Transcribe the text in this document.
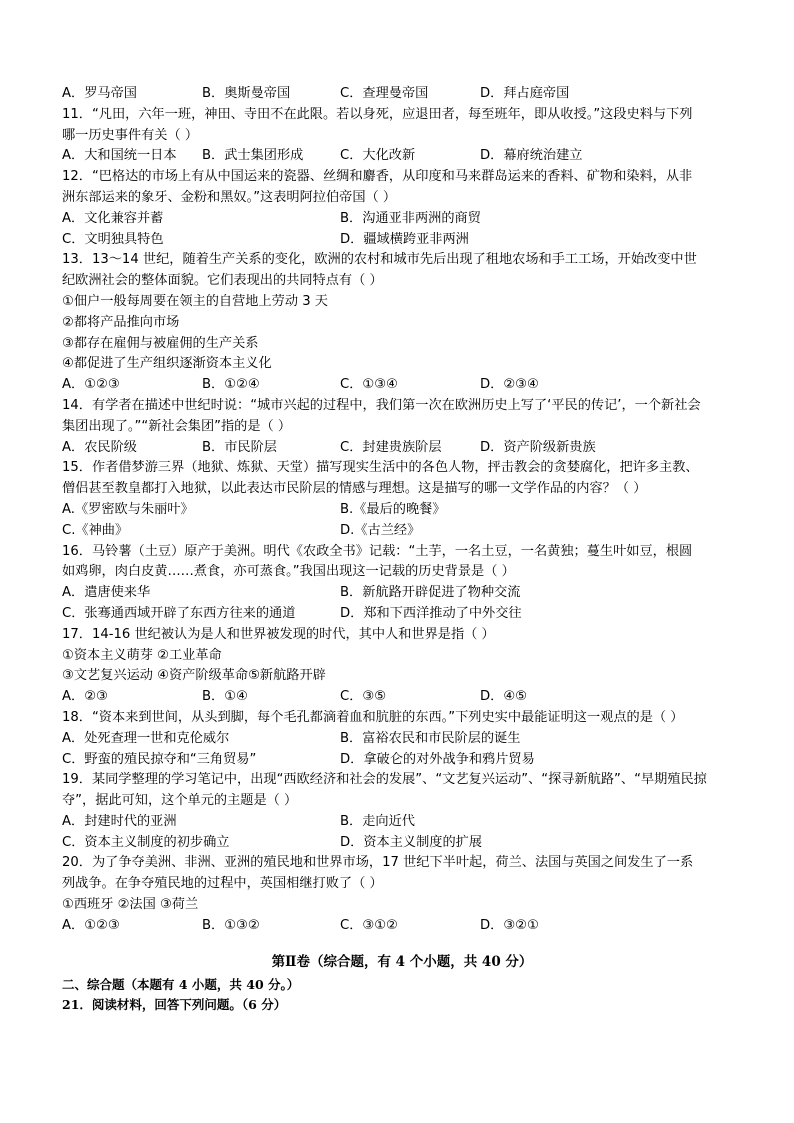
A．罗马帝国	B．奥斯曼帝国	C．查理曼帝国	D．拜占庭帝国
11．“凡田，六年一班，神田、寺田不在此限。若以身死，应退田者，每至班年，即从收授。”这段史料与下列
哪一历史事件有关（ ）
A．大和国统一日本	B．武士集团形成	C．大化改新	D．幕府统治建立
12．“巴格达的市场上有从中国运来的瓷器、丝绸和麝香，从印度和马来群岛运来的香料、矿物和染料，从非
洲东部运来的象牙、金粉和黑奴。”这表明阿拉伯帝国（ ）
A．文化兼容并蓄	B．沟通亚非两洲的商贸
C．文明独具特色	D．疆域横跨亚非两洲
13．13～14 世纪，随着生产关系的变化，欧洲的农村和城市先后出现了租地农场和手工工场，开始改变中世
纪欧洲社会的整体面貌。它们表现出的共同特点有（ ）
①佃户一般每周要在领主的自营地上劳动 3 天
②都将产品推向市场
③都存在雇佣与被雇佣的生产关系
④都促进了生产组织逐渐资本主义化
A．①②③	B．①②④	C．①③④	D．②③④
14．有学者在描述中世纪时说：“城市兴起的过程中，我们第一次在欧洲历史上写了‘平民的传记’，一个新社会
集团出现了。”“新社会集团”指的是（ ）
A．农民阶级	B．市民阶层	C．封建贵族阶层	D．资产阶级新贵族
15．作者借梦游三界（地狱、炼狱、天堂）描写现实生活中的各色人物，抨击教会的贪婪腐化，把许多主教、
僧侣甚至教皇都打入地狱，以此表达市民阶层的情感与理想。这是描写的哪一文学作品的内容？（ ）
A.《罗密欧与朱丽叶》	B.《最后的晚餐》
C.《神曲》	D.《古兰经》
16．马铃薯（土豆）原产于美洲。明代《农政全书》记载：“土芋，一名土豆，一名黄独；蔓生叶如豆，根圆
如鸡卵，肉白皮黄……煮食，亦可蒸食。”我国出现这一记载的历史背景是（ ）
A．遣唐使来华	B．新航路开辟促进了物种交流
C．张骞通西域开辟了东西方往来的通道	D．郑和下西洋推动了中外交往
17．14-16 世纪被认为是人和世界被发现的时代，其中人和世界是指（ ）
①资本主义萌芽 ②工业革命
③文艺复兴运动 ④资产阶级革命⑤新航路开辟
A．②③	B．①④	C．③⑤	D．④⑤
18．“资本来到世间，从头到脚，每个毛孔都滴着血和肮脏的东西。”下列史实中最能证明这一观点的是（ ）
A．处死查理一世和克伦威尔	B．富裕农民和市民阶层的诞生
C．野蛮的殖民掠夺和“三角贸易”	D．拿破仑的对外战争和鸦片贸易
19．某同学整理的学习笔记中，出现“西欧经济和社会的发展”、“文艺复兴运动”、“探寻新航路”、“早期殖民掠
夺”，据此可知，这个单元的主题是（ ）
A．封建时代的亚洲	B．走向近代
C．资本主义制度的初步确立	D．资本主义制度的扩展
20．为了争夺美洲、非洲、亚洲的殖民地和世界市场，17 世纪下半叶起，荷兰、法国与英国之间发生了一系
列战争。在争夺殖民地的过程中，英国相继打败了（ ）
①西班牙 ②法国 ③荷兰
A．①②③	B．①③②	C．③①②	D．③②①
第Ⅱ卷（综合题，有 4 个小题，共 40 分）
二、综合题（本题有 4 小题，共 40 分。）
21．阅读材料，回答下列问题。（6 分）
